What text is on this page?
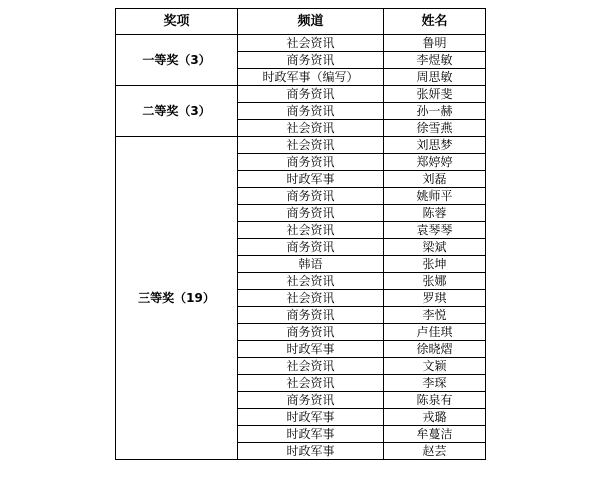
奖项	频道	姓名
一等奖（3）	社会资讯	鲁明
	商务资讯	李煜敏
	时政军事（编写）	周思敏
二等奖（3）	商务资讯	张妍斐
	商务资讯	孙一赫
	社会资讯	徐雪燕
三等奖（19）	社会资讯	刘思梦
	商务资讯	郑婷婷
	时政军事	刘磊
	商务资讯	姚师平
	商务资讯	陈蓉
	社会资讯	袁琴琴
	商务资讯	梁斌
	韩语	张坤
	社会资讯	张娜
	社会资讯	罗琪
	商务资讯	李悦
	商务资讯	卢佳琪
	时政军事	徐晓熠
	社会资讯	文颖
	社会资讯	李琛
	商务资讯	陈泉有
	时政军事	戎璐
	时政军事	牟蔓洁
	时政军事	赵芸
